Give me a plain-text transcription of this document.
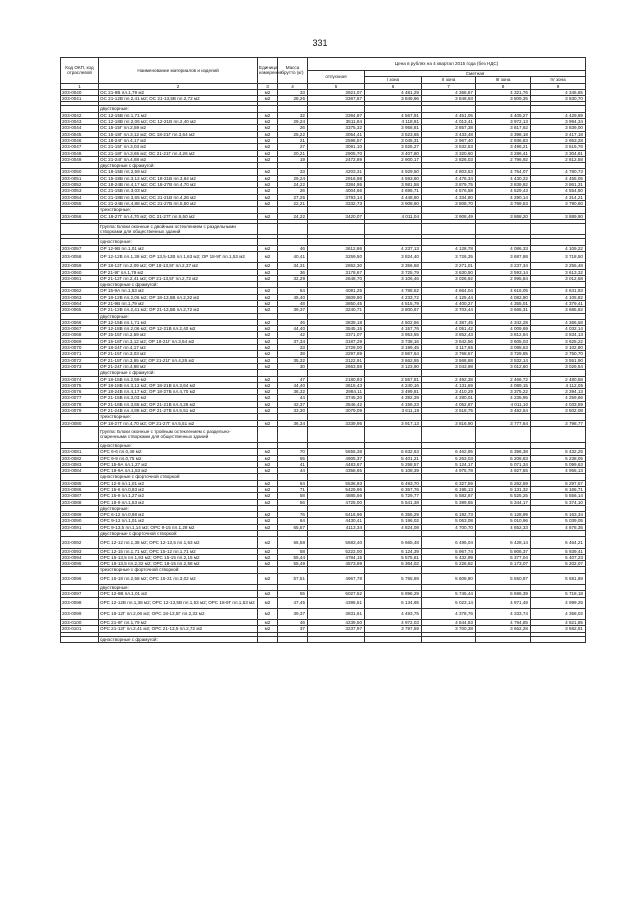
331
Код ОКП, код отраслевой	Наименование материалов и изделий	Единица измерения	Масса брутто (кг)	Цена в рублях на 4 квартал 2015 года (без НДС)				
				отпускная	Сметная			
					I зона	II зона	III зона	IV зона
1	2	3	4	5	6	7	8	9
203-0040	ОС 21-9В пл.1,79 м2	м2	33	3921,07	4 481,29	4 366,67	4 321,76	4 345,85
203-0041	ОС 21-12В пл.2,41 м2; ОС 21-13,5В пл.2,72 м2	м2	28,26	3367,67	3 849,96	3 848,93	3 809,35	3 830,70

	двустворные:							
203-0042	ОС 12-15В пл.1,71 м2	м2	32	3394,87	4 567,91	4 451,05	4 405,27	4 429,89
203-0043	ОС 12-18В пл.2,06 м2; ОС 12-21В пл.2,40 м2	м2	29,24	3511,84	4 118,81	4 013,41	3 972,13	3 994,34
203-0044	ОС 15-15Г пл.2,59 м2	м2	26	3375,32	3 958,81	3 857,38	3 817,62	3 839,00
203-0045	ОС 15-18Г пл.3,12 м2; ОС 18-21Г пл.3,64 м2	м2	25,22	3054,41	3 523,65	3 433,48	3 398,18	3 417,18
203-0046	ОС 18-24Г пл.4,17 м2	м2	21	2596,57	3 045,31	2 967,40	2 936,83	2 953,28
203-0047	ОС 21-15Г пл.3,03 м2	м2	27	3091,10	3 625,27	3 532,53	3 496,21	3 515,76
203-0048	ОС 21-18Г пл.3,65 м2; ОС 21-21Г пл.4,26 м2	м2	20,21	2905,70	3 407,80	3 320,60	3 286,41	3 304,81
203-0049	ОС 21-24Г пл.4,88 м2	м2	19	2472,89	2 900,17	2 826,03	2 796,92	2 812,58
	двустворные с фрамугой:							
203-0050	ОС 18-15В пл.2,59 м2	м2	33	4203,31	4 929,50	4 803,53	4 754,07	4 780,73
203-0051	ОС 15-18В пл.3,12 м2; ОС 18-21В пл.3,64 м2	м2	29,24	2916,98	4 593,60	4 476,34	4 430,22	4 455,05
203-0052	ОС 18-24В пл.4,17 м2; ОС 18-27В пл.4,70 м2	м2	24,22	3384,95	3 981,58	3 879,75	3 839,82	3 861,31
203-0053	ОС 21-15В пл.3,03 м2	м2	26	4004,66	4 696,71	4 576,58	4 529,43	4 554,80
203-0054	ОС 21-18В пл.3,65 м2; ОС 21-21В пл.4,26 м2	м2	27,25	3793,14	4 448,60	4 334,80	4 290,14	4 314,21
203-0055	ОС 21-24В пл.4,88 м2; ОС 21-27В пл.5,50 м2	м2	22,21	3332,73	3 908,60	3 808,70	3 769,53	3 790,60
	трехстворные:							
203-0056	ОС 18-27Г пл.4,70 м2; ОС 21-27Г пл.5,50 м2	м2	24,22	3420,07	4 011,04	3 908,49	3 868,20	3 889,90

	Группа: Блоки оконные с двойным остеклением с раздельными створками для общественных зданий							

	одностворные:							
203-0057	ОР 12-9В пл.1,01 м2	м2	46	3612,86	4 237,13	4 128,78	4 086,33	4 109,22
203-0058	ОР 12-12В пл.1,38 м2; ОР 13,5-12В пл.1,63 м2; ОР 18-9Г пл.1,53 м2	м2	40,41	3259,50	3 824,40	3 726,35	3 687,88	3 718,50
203-0059	ОР 18-12Г пл.2,09 м2; ОР 18-13,5Г пл.2,37 м2	м2	34,31	2862,30	3 356,68	3 271,01	3 237,34	3 255,48
203-0060	ОР 21-9Г пл.1,79 м2	м2	36	3178,67	3 725,79	3 630,50	3 593,14	3 613,32
203-0061	ОР 21-12Г пл.2,41 м2; ОР 21-13,5Г пл.2,72 м2	м2	32,29	2648,70	3 106,46	3 026,92	2 995,84	3 012,58
	одностворные с фрамугой:							
203-0062	ОР 15-9А пл.1,53 м2	м2	54	4081,25	4 786,52	4 664,04	4 616,05	4 641,93
203-0063	ОР 18-12В пл.2,06 м2; ОР 18-13,5В пл.2,32 м2	м2	45,40	3609,90	4 233,72	4 125,44	4 082,80	4 105,82
203-0064	ОР 21-9В пл.1,79 м2	м2	48	3850,45	4 515,79	4 400,27	4 355,01	4 379,41
203-0065	ОР 21-12В пл.2,41 м2; ОР 21-13,5В пл.2,72 м2	м2	39,37	3240,71	3 800,67	3 703,44	3 665,31	3 685,82
	двустворные:							
203-0066	ОР 12-15В пл.1,71 м2	м2	46	3839,18	4 502,56	4 387,45	4 342,28	4 366,58
203-0067	ОР 12-18В пл.2,06 м2; ОР 12-21В пл.2,40 м2	м2	44,40	3545,15	4 157,76	4 051,42	4 009,69	4 032,14
203-0068	ОР 15-15Г пл.2,59 м2	м2	42	3371,07	3 953,55	3 852,43	3 812,84	3 834,13
203-0069	ОР 15-18Г пл.3,12 м2; ОР 18-21Г пл.3,64 м2	м2	37,34	3187,29	3 738,16	3 642,56	3 605,03	3 625,22
203-0070	ОР 18-24Г пл.4,17 м2	м2	33	2728,00	3 199,45	3 117,65	3 085,53	3 102,80
203-0071	ОР 21-15Г пл.3,03 м2	м2	38	3297,89	3 867,64	3 768,57	3 729,85	3 750,70
203-0072	ОР 21-18Г пл.3,65 м2; ОР 21-21Г пл.4,26 м2	м2	35,32	3122,91	3 662,55	3 568,88	3 532,14	3 551,90
203-0073	ОР 21-24Г пл.4,88 м2	м2	30	2663,58	3 123,90	3 043,98	3 012,60	3 029,54
	двустворные с фрамугой:							
203-0074	ОР 18-15В пл.2,59 м2	м2	47	2180,93	2 557,81	2 492,38	2 466,72	2 480,58
203-0075	ОР 18-18В пл.3,12 м2; ОР 18-21В пл.3,64 м2	м2	44,40	3615,43	4 240,16	4 131,69	4 089,15	4 112,05
203-0076	ОР 18-24В пл.4,17 м2; ОР 18-27В пл.4,70 м2	м2	36,32	2984,11	3 499,81	3 410,29	3 375,22	3 394,13
203-0077	ОР 21-15В пл.3,03 м2	м2	44	3745,20	4 392,39	4 280,01	4 235,95	4 259,66
203-0078	ОР 21-18В пл.3,65 м2; ОР 21-21В пл.4,26 м2	м2	42,37	3546,42	4 159,23	4 052,87	4 011,10	4 033,59
203-0079	ОР 21-24В пл.4,88 м2; ОР 21-27В пл.5,51 м2	м2	33,30	3079,09	3 611,19	3 518,75	3 482,54	3 502,08
	трехстворные:							
203-0080	ОР 18-27Г пл.4,70 м2; ОР 21-27Г пл.5,51 м2	м2	36,34	3339,95	3 917,13	3 816,90	3 777,64	3 798,77
	Группа: Блоки оконные с тройным остеклением с раздельно-спаренными створками для общественных зданий							
	одностворные:							
203-0081	ОРС 6-6 пл.0,49 м2	м2	70	5655,38	6 632,63	6 462,95	6 396,38	6 432,25
203-0082	ОРС 9-9 пл.0,75 м2	м2	55	4905,37	5 401,21	5 263,03	5 208,83	5 238,05
203-0083	ОРС 15-9А пл.1,27 м2	м2	41	4483,67	5 258,57	5 124,17	5 071,34	5 099,63
203-0084	ОРС 18-9А пл.1,53 м2	м2	44	4358,65	5 108,39	4 975,78	4 927,55	4 955,13
	одностворные с форточной створкой:							
203-0085	ОРС 12-9 пл.1,01 м2	м2	64	5536,93	6 493,70	6 327,59	6 262,59	6 297,57
203-0086	ОРС 15-6 пл.0,83 м2	м2	71	5429,96	6 357,76	6 195,13	6 131,32	6 165,71
203-0087	ОРС 15-9 пл.1,27 м2	м2	58	4885,56	5 729,77	5 582,67	5 525,25	5 556,14
203-0088	ОРС 18-9 пл.1,53 м2	м2	56	4725,00	5 541,38	5 399,65	5 344,17	5 374,10
	двустворные:							
203-0089	ОРС 6-12 пл.0,98 м2	м2	76	5416,96	6 355,29	6 192,73	6 128,99	6 163,34
203-0090	ОРС 9-12 пл.1,01 м2	м2	64	4430,41	5 196,02	5 063,08	5 010,96	5 039,05
203-0091	ОРС 9-13,5 пл.1,14 м2; ОРС 9-15 пл.1,28 м2	м2	65,57	4113,34	4 824,08	4 700,70	4 652,33	4 678,35
	двустворные с форточной створкой:							
203-0092	ОРС 12-12 пл.1,38 м2; ОРС 12-13,5 пл.1,53 м2	м2	65,58	5683,40	6 665,48	6 495,04	6 428,14	6 464,21
203-0093	ОРС 12-15 пл.1,71 м2; ОРС 15-12 пл.1,71 м2	м2	58	5222,00	6 124,39	5 967,74	5 906,37	5 939,41
203-0094	ОРС 15-13,5 пл.1,93 м2; ОРС 15-15 пл.2,15 м2	м2	55,44	4784,15	5 575,61	5 432,99	5 377,04	5 407,23
203-0095	ОРС 18-13,5 пл.2,32 м2; ОРС 18-15 пл.2,58 м2	м2	55,49	4573,69	5 364,02	5 226,82	5 173,07	5 202,07
	трехстворные с форточной створкой:							
203-0096	ОРС 15-18 пл.2,58 м2; ОРС 15-21 пл.3,02 м2	м2	57,51	4967,78	5 755,89	5 608,80	5 550,87	5 581,89
	двустворные:							
203-0097	ОРС 12-9В пл.1,01 м2	м2	55	5027,52	5 896,29	5 745,44	5 686,39	5 718,18
203-0098	ОРС 12-12В пл.1,38 м2; ОРС 12-13,5В пл.1,53 м2; ОРС 18-9Г пл.1,53 м2	м2	47,45	4396,51	5 134,95	5 023,14	4 971,48	4 999,25
203-0099	ОРС 18-12Г пл.2,06 м2; ОРС 18-13,5Г пл.2,32 м2	м2	39,37	3831,61	4 493,75	4 378,76	4 333,74	4 358,02
203-0100	ОРС 21-9Г пл.1,79 м2	м2	46	4239,50	4 972,03	4 844,83	4 794,85	4 821,85
203-0101	ОРС 21-12Г пл.2,41 м2; ОРС 21-13,5 пл.2,72 м2	м2	37	3237,97	3 797,59	3 700,38	3 662,28	3 682,81

	одностворные с фрамугой:							
